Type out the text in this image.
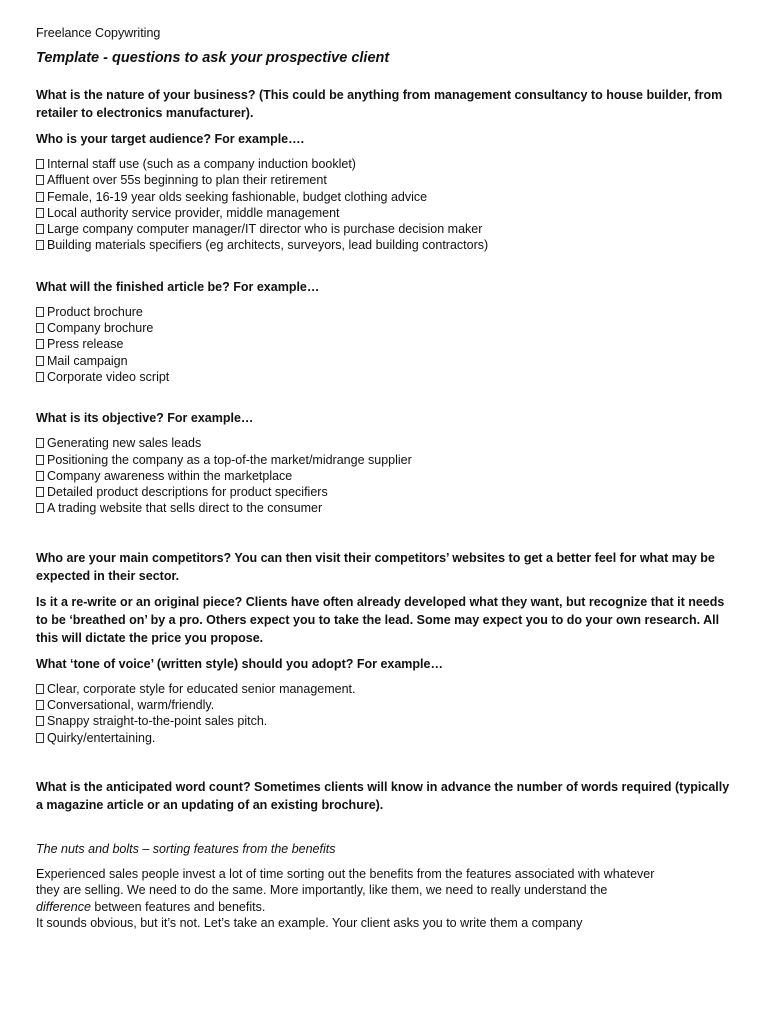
Freelance Copywriting
Template - questions to ask your prospective client
What is the nature of your business? (This could be anything from management consultancy to house builder, from retailer to electronics manufacturer).
Who is your target audience? For example….
Internal staff use (such as a company induction booklet)
Affluent over 55s beginning to plan their retirement
Female, 16-19 year olds seeking fashionable, budget clothing advice
Local authority service provider, middle management
Large company computer manager/IT director who is purchase decision maker
Building materials specifiers (eg architects, surveyors, lead building contractors)
What will the finished article be? For example…
Product brochure
Company brochure
Press release
Mail campaign
Corporate video script
What is its objective? For example…
Generating new sales leads
Positioning the company as a top-of-the market/midrange supplier
Company awareness within the marketplace
Detailed product descriptions for product specifiers
A trading website that sells direct to the consumer
Who are your main competitors? You can then visit their competitors’ websites to get a better feel for what may be expected in their sector.
Is it a re-write or an original piece? Clients have often already developed what they want, but recognize that it needs to be ‘breathed on’ by a pro. Others expect you to take the lead. Some may expect you to do your own research. All this will dictate the price you propose.
What ‘tone of voice’ (written style) should you adopt? For example…
Clear, corporate style for educated senior management.
Conversational, warm/friendly.
Snappy straight-to-the-point sales pitch.
Quirky/entertaining.
What is the anticipated word count? Sometimes clients will know in advance the number of words required (typically a magazine article or an updating of an existing brochure).
The nuts and bolts – sorting features from the benefits

Experienced sales people invest a lot of time sorting out the benefits from the features associated with whatever they are selling. We need to do the same. More importantly, like them, we need to really understand the difference between features and benefits.

It sounds obvious, but it’s not. Let’s take an example. Your client asks you to write them a company
